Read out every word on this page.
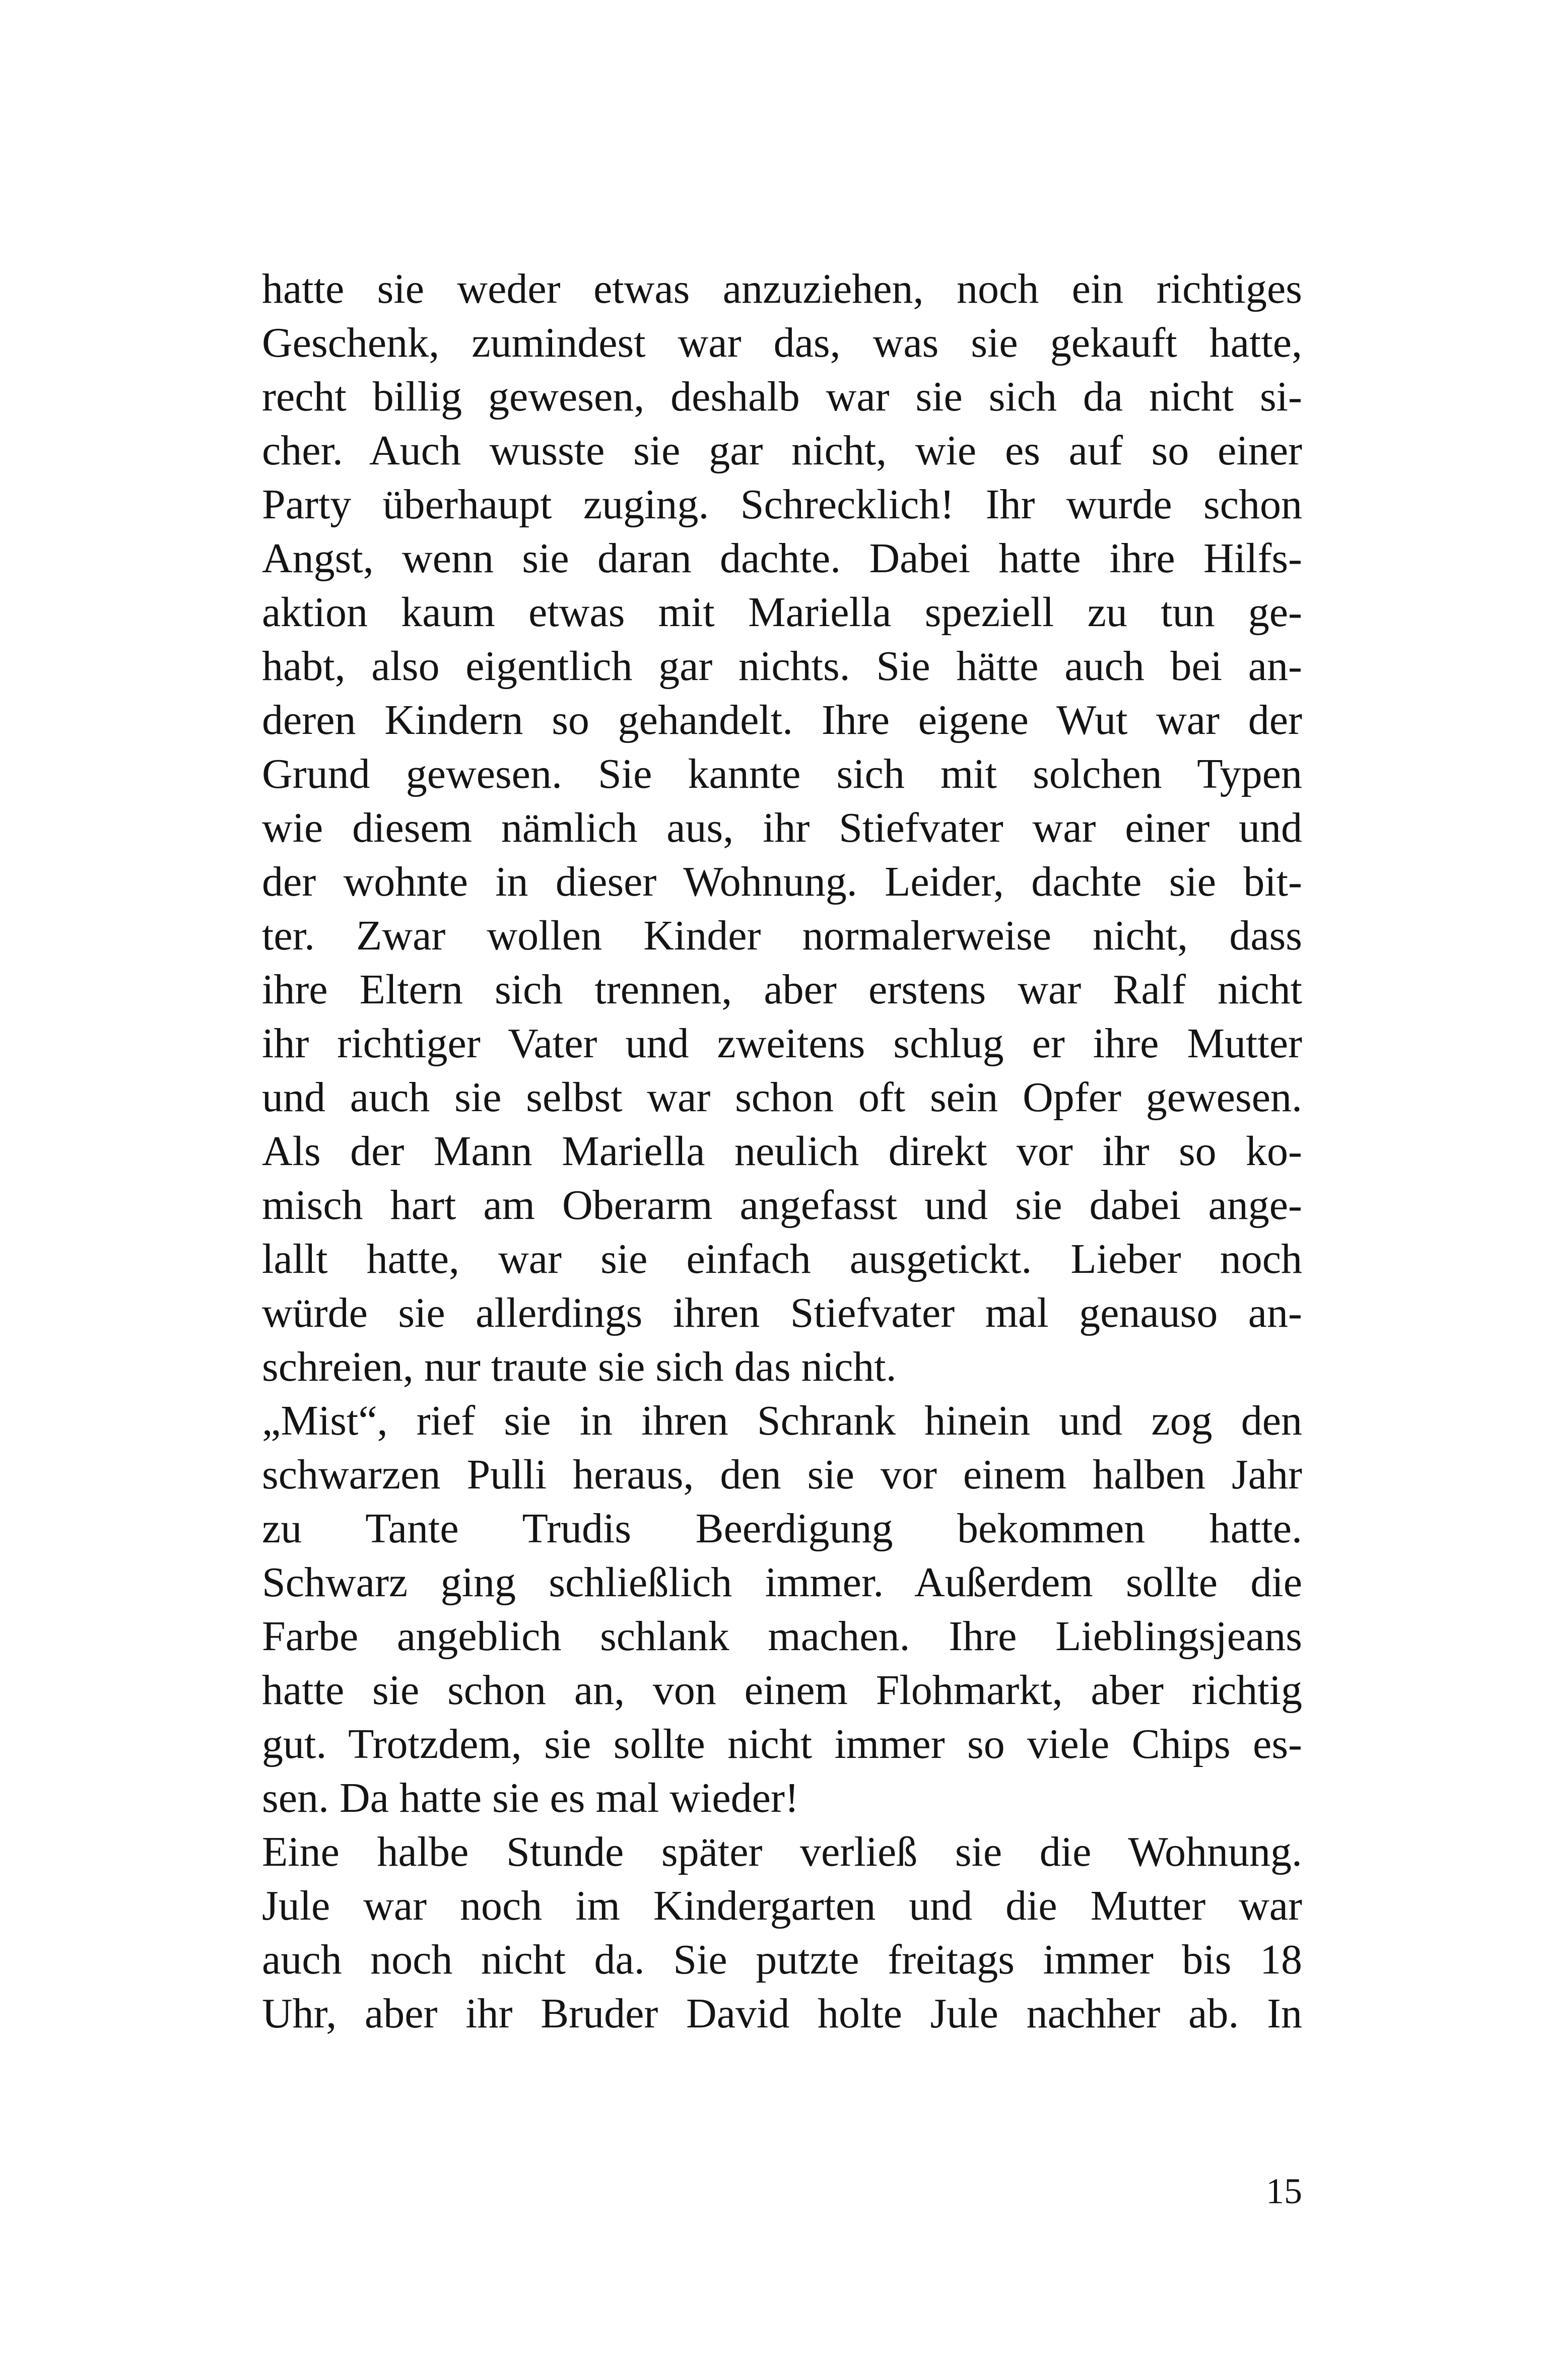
hatte sie weder etwas anzuziehen, noch ein richtiges
Geschenk, zumindest war das, was sie gekauft hatte,
recht billig gewesen, deshalb war sie sich da nicht si-
cher. Auch wusste sie gar nicht, wie es auf so einer
Party überhaupt zuging. Schrecklich! Ihr wurde schon
Angst, wenn sie daran dachte. Dabei hatte ihre Hilfs-
aktion kaum etwas mit Mariella speziell zu tun ge-
habt, also eigentlich gar nichts. Sie hätte auch bei an-
deren Kindern so gehandelt. Ihre eigene Wut war der
Grund gewesen. Sie kannte sich mit solchen Typen
wie diesem nämlich aus, ihr Stiefvater war einer und
der wohnte in dieser Wohnung. Leider, dachte sie bit-
ter. Zwar wollen Kinder normalerweise nicht, dass
ihre Eltern sich trennen, aber erstens war Ralf nicht
ihr richtiger Vater und zweitens schlug er ihre Mutter
und auch sie selbst war schon oft sein Opfer gewesen.
Als der Mann Mariella neulich direkt vor ihr so ko-
misch hart am Oberarm angefasst und sie dabei ange-
lallt hatte, war sie einfach ausgetickt. Lieber noch
würde sie allerdings ihren Stiefvater mal genauso an-
schreien, nur traute sie sich das nicht.
„Mist“, rief sie in ihren Schrank hinein und zog den
schwarzen Pulli heraus, den sie vor einem halben Jahr
zu Tante Trudis Beerdigung bekommen hatte.
Schwarz ging schließlich immer. Außerdem sollte die
Farbe angeblich schlank machen. Ihre Lieblingsjeans
hatte sie schon an, von einem Flohmarkt, aber richtig
gut. Trotzdem, sie sollte nicht immer so viele Chips es-
sen. Da hatte sie es mal wieder!
Eine halbe Stunde später verließ sie die Wohnung.
Jule war noch im Kindergarten und die Mutter war
auch noch nicht da. Sie putzte freitags immer bis 18
Uhr, aber ihr Bruder David holte Jule nachher ab. In
15
